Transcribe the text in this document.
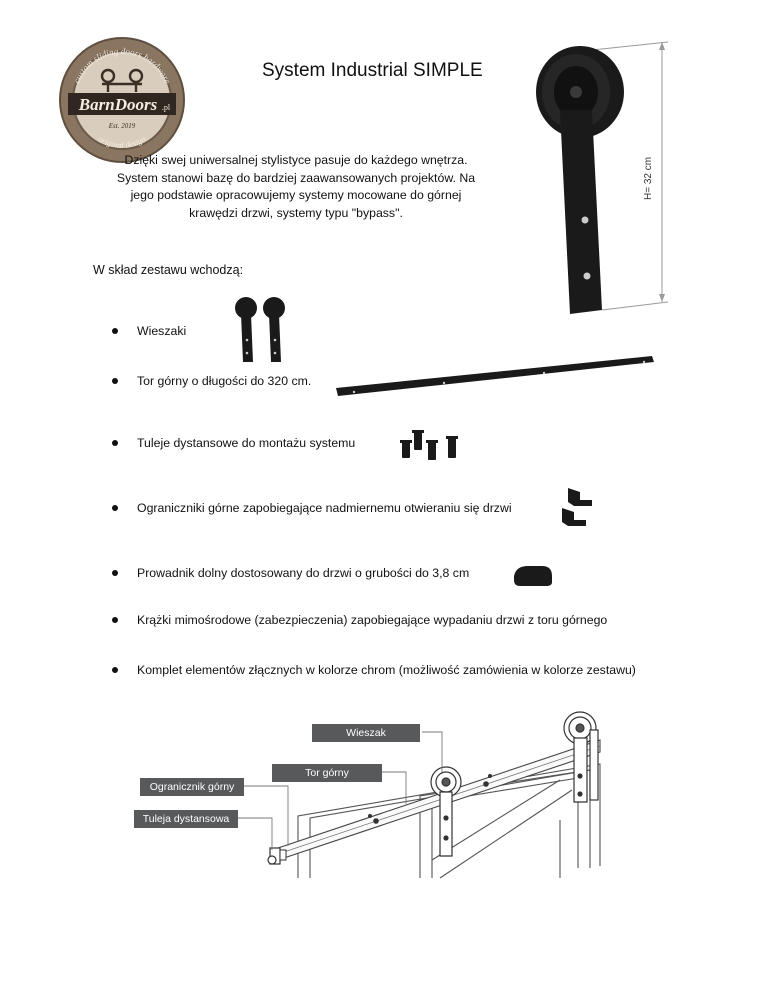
custom sliding doors hardware
original design
BarnDoors .pl
Est. 2019
System Industrial SIMPLE
Dzięki swej uniwersalnej stylistyce pasuje do każdego wnętrza.
System stanowi bazę do bardziej zaawansowanych projektów. Na
jego podstawie opracowujemy systemy mocowane do górnej
krawędzi drzwi, systemy typu "bypass".
H= 32 cm
W skład zestawu wchodzą:
Wieszaki
Tor górny o długości do 320 cm.
Tuleje dystansowe do montażu systemu
Ograniczniki górne zapobiegające nadmiernemu otwieraniu się drzwi
Prowadnik dolny dostosowany do drzwi o grubości do 3,8 cm
Krążki mimośrodowe (zabezpieczenia) zapobiegające wypadaniu drzwi z toru górnego
Komplet elementów złącznych w kolorze chrom (możliwość zamówienia w kolorze zestawu)
Wieszak
Tor górny
Ogranicznik górny
Tuleja dystansowa
